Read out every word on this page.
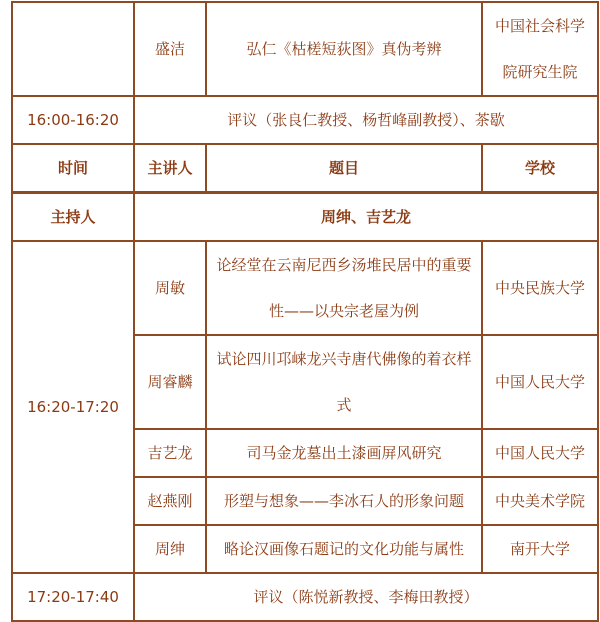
	盛洁	弘仁《枯槎短荻图》真伪考辨	中国社会科学院研究生院
16:00-16:20	评议（张良仁教授、杨哲峰副教授）、茶歇		
时间	主讲人	题目	学校
主持人	周绅、吉艺龙		
16:20-17:20	周敏	论经堂在云南尼西乡汤堆民居中的重要性——以央宗老屋为例	中央民族大学
	周睿麟	试论四川邛崃龙兴寺唐代佛像的着衣样式	中国人民大学
	吉艺龙	司马金龙墓出土漆画屏风研究	中国人民大学
	赵燕刚	形塑与想象——李冰石人的形象问题	中央美术学院
	周绅	略论汉画像石题记的文化功能与属性	南开大学
17:20-17:40	评议（陈悦新教授、李梅田教授）		
